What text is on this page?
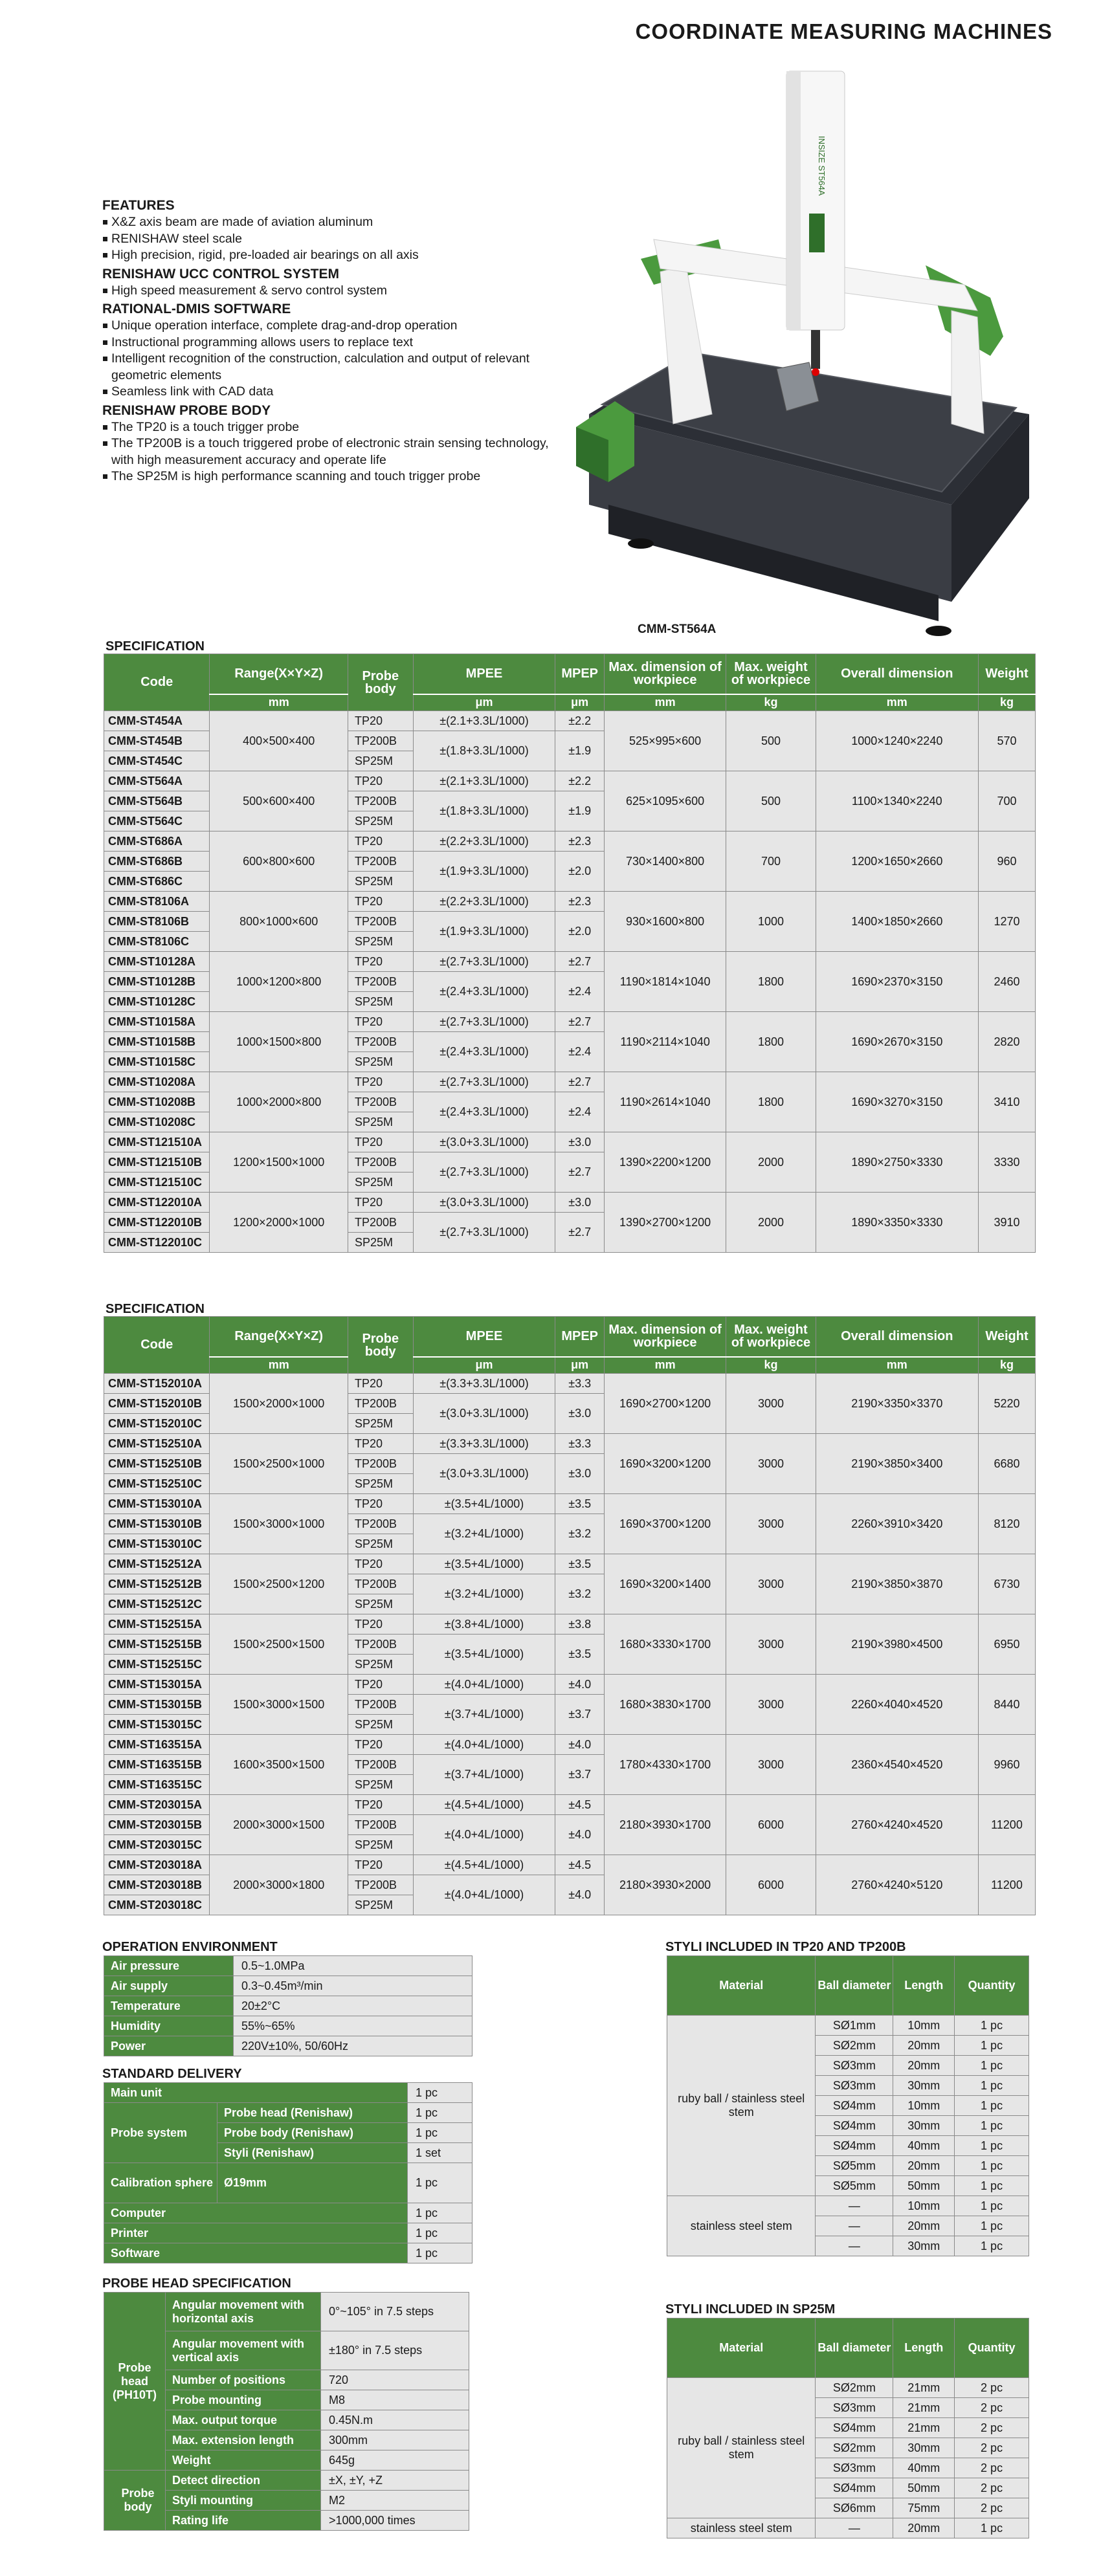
COORDINATE MEASURING MACHINES
FEATURES
X&Z axis beam are made of aviation aluminum
RENISHAW steel scale
High precision, rigid, pre-loaded air bearings on all axis
RENISHAW UCC CONTROL SYSTEM
High speed measurement & servo control system
RATIONAL-DMIS SOFTWARE
Unique operation interface, complete drag-and-drop operation
Instructional programming allows users to replace text
Intelligent recognition of the construction, calculation and output of relevant geometric elements
Seamless link with CAD data
RENISHAW PROBE BODY
The TP20 is a touch trigger probe
The TP200B is a touch triggered probe of electronic strain sensing technology, with high measurement accuracy and operate life
The SP25M is high performance scanning and touch trigger probe
INSIZE ST564A
CMM-ST564A
SPECIFICATION
Code	Range(X×Y×Z)	Probe body	MPEE	MPEP	Max. dimension of workpiece	Max. weight of workpiece	Overall dimension	Weight
	mm		μm	μm	mm	kg	mm	kg
CMM-ST454A	400×500×400	TP20	±(2.1+3.3L/1000)	±2.2	525×995×600	500	1000×1240×2240	570
CMM-ST454B		TP200B	±(1.8+3.3L/1000)	±1.9				
CMM-ST454C		SP25M						
CMM-ST564A	500×600×400	TP20	±(2.1+3.3L/1000)	±2.2	625×1095×600	500	1100×1340×2240	700
CMM-ST564B		TP200B	±(1.8+3.3L/1000)	±1.9				
CMM-ST564C		SP25M						
CMM-ST686A	600×800×600	TP20	±(2.2+3.3L/1000)	±2.3	730×1400×800	700	1200×1650×2660	960
CMM-ST686B		TP200B	±(1.9+3.3L/1000)	±2.0				
CMM-ST686C		SP25M						
CMM-ST8106A	800×1000×600	TP20	±(2.2+3.3L/1000)	±2.3	930×1600×800	1000	1400×1850×2660	1270
CMM-ST8106B		TP200B	±(1.9+3.3L/1000)	±2.0				
CMM-ST8106C		SP25M						
CMM-ST10128A	1000×1200×800	TP20	±(2.7+3.3L/1000)	±2.7	1190×1814×1040	1800	1690×2370×3150	2460
CMM-ST10128B		TP200B	±(2.4+3.3L/1000)	±2.4				
CMM-ST10128C		SP25M						
CMM-ST10158A	1000×1500×800	TP20	±(2.7+3.3L/1000)	±2.7	1190×2114×1040	1800	1690×2670×3150	2820
CMM-ST10158B		TP200B	±(2.4+3.3L/1000)	±2.4				
CMM-ST10158C		SP25M						
CMM-ST10208A	1000×2000×800	TP20	±(2.7+3.3L/1000)	±2.7	1190×2614×1040	1800	1690×3270×3150	3410
CMM-ST10208B		TP200B	±(2.4+3.3L/1000)	±2.4				
CMM-ST10208C		SP25M						
CMM-ST121510A	1200×1500×1000	TP20	±(3.0+3.3L/1000)	±3.0	1390×2200×1200	2000	1890×2750×3330	3330
CMM-ST121510B		TP200B	±(2.7+3.3L/1000)	±2.7				
CMM-ST121510C		SP25M						
CMM-ST122010A	1200×2000×1000	TP20	±(3.0+3.3L/1000)	±3.0	1390×2700×1200	2000	1890×3350×3330	3910
CMM-ST122010B		TP200B	±(2.7+3.3L/1000)	±2.7				
CMM-ST122010C		SP25M						
SPECIFICATION
Code	Range(X×Y×Z)	Probe body	MPEE	MPEP	Max. dimension of workpiece	Max. weight of workpiece	Overall dimension	Weight
	mm		μm	μm	mm	kg	mm	kg
CMM-ST152010A	1500×2000×1000	TP20	±(3.3+3.3L/1000)	±3.3	1690×2700×1200	3000	2190×3350×3370	5220
CMM-ST152010B		TP200B	±(3.0+3.3L/1000)	±3.0				
CMM-ST152010C		SP25M						
CMM-ST152510A	1500×2500×1000	TP20	±(3.3+3.3L/1000)	±3.3	1690×3200×1200	3000	2190×3850×3400	6680
CMM-ST152510B		TP200B	±(3.0+3.3L/1000)	±3.0				
CMM-ST152510C		SP25M						
CMM-ST153010A	1500×3000×1000	TP20	±(3.5+4L/1000)	±3.5	1690×3700×1200	3000	2260×3910×3420	8120
CMM-ST153010B		TP200B	±(3.2+4L/1000)	±3.2				
CMM-ST153010C		SP25M						
CMM-ST152512A	1500×2500×1200	TP20	±(3.5+4L/1000)	±3.5	1690×3200×1400	3000	2190×3850×3870	6730
CMM-ST152512B		TP200B	±(3.2+4L/1000)	±3.2				
CMM-ST152512C		SP25M						
CMM-ST152515A	1500×2500×1500	TP20	±(3.8+4L/1000)	±3.8	1680×3330×1700	3000	2190×3980×4500	6950
CMM-ST152515B		TP200B	±(3.5+4L/1000)	±3.5				
CMM-ST152515C		SP25M						
CMM-ST153015A	1500×3000×1500	TP20	±(4.0+4L/1000)	±4.0	1680×3830×1700	3000	2260×4040×4520	8440
CMM-ST153015B		TP200B	±(3.7+4L/1000)	±3.7				
CMM-ST153015C		SP25M						
CMM-ST163515A	1600×3500×1500	TP20	±(4.0+4L/1000)	±4.0	1780×4330×1700	3000	2360×4540×4520	9960
CMM-ST163515B		TP200B	±(3.7+4L/1000)	±3.7				
CMM-ST163515C		SP25M						
CMM-ST203015A	2000×3000×1500	TP20	±(4.5+4L/1000)	±4.5	2180×3930×1700	6000	2760×4240×4520	11200
CMM-ST203015B		TP200B	±(4.0+4L/1000)	±4.0				
CMM-ST203015C		SP25M						
CMM-ST203018A	2000×3000×1800	TP20	±(4.5+4L/1000)	±4.5	2180×3930×2000	6000	2760×4240×5120	11200
CMM-ST203018B		TP200B	±(4.0+4L/1000)	±4.0				
CMM-ST203018C		SP25M						
OPERATION ENVIRONMENT
Air pressure	0.5~1.0MPa
Air supply	0.3~0.45m³/min
Temperature	20±2°C
Humidity	55%~65%
Power	220V±10%, 50/60Hz
STANDARD DELIVERY
Main unit		1 pc
Probe system	Probe head (Renishaw)	1 pc
	Probe body (Renishaw)	1 pc
	Styli (Renishaw)	1 set
Calibration sphere	Ø19mm	1 pc
Computer		1 pc
Printer		1 pc
Software		1 pc
PROBE HEAD SPECIFICATION
Probe head (PH10T)	Angular movement with horizontal axis	0°~105° in 7.5 steps
	Angular movement with vertical axis	±180° in 7.5 steps
	Number of positions	720
	Probe mounting	M8
	Max. output torque	0.45N.m
	Max. extension length	300mm
	Weight	645g
Probe body	Detect direction	±X, ±Y, +Z
	Styli mounting	M2
	Rating life	>1000,000 times
STYLI INCLUDED IN TP20 AND TP200B
Material	Ball diameter	Length	Quantity
ruby ball / stainless steel stem	SØ1mm	10mm	1 pc
	SØ2mm	20mm	1 pc
	SØ3mm	20mm	1 pc
	SØ3mm	30mm	1 pc
	SØ4mm	10mm	1 pc
	SØ4mm	30mm	1 pc
	SØ4mm	40mm	1 pc
	SØ5mm	20mm	1 pc
	SØ5mm	50mm	1 pc
stainless steel stem	—	10mm	1 pc
	—	20mm	1 pc
	—	30mm	1 pc
STYLI INCLUDED IN SP25M
Material	Ball diameter	Length	Quantity
ruby ball / stainless steel stem	SØ2mm	21mm	2 pc
	SØ3mm	21mm	2 pc
	SØ4mm	21mm	2 pc
	SØ2mm	30mm	2 pc
	SØ3mm	40mm	2 pc
	SØ4mm	50mm	2 pc
	SØ6mm	75mm	2 pc
stainless steel stem	—	20mm	1 pc
